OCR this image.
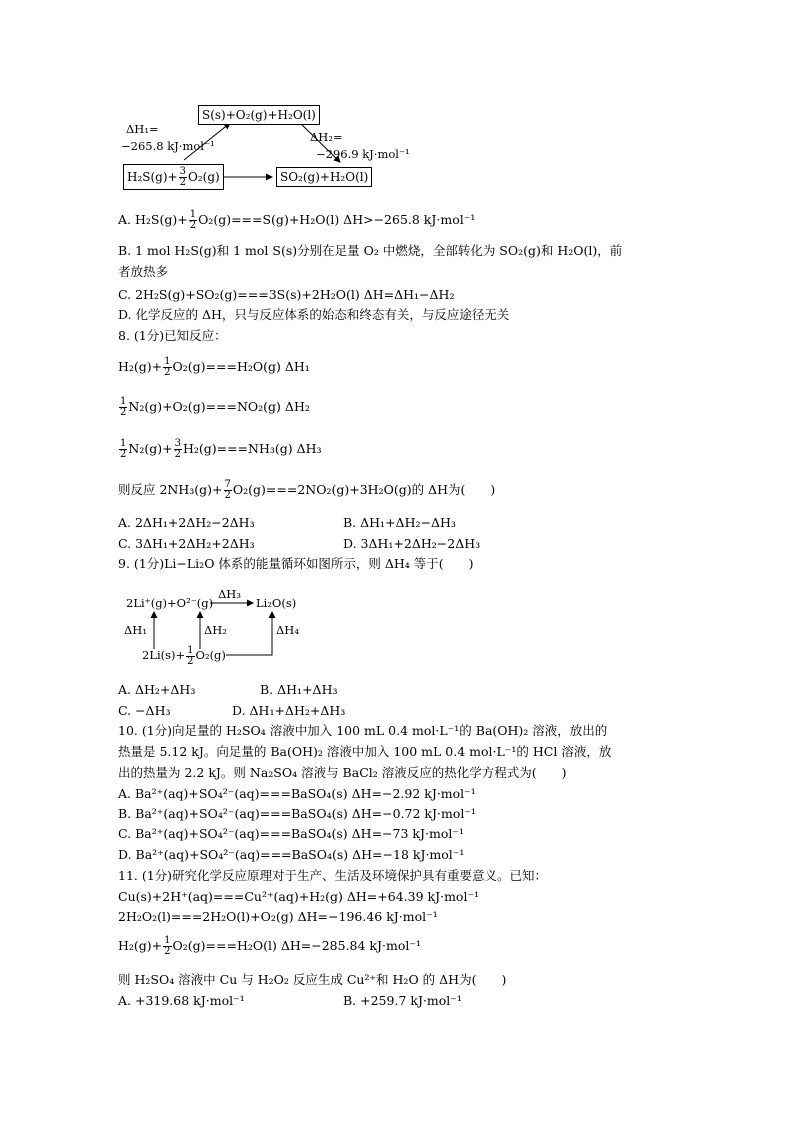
S(s)+O₂(g)+H₂O(l)
$H_2S(g)+ \frac{3}{2} O_2(g)$	SO₂(g)+H₂O(l)
ΔH₁=
−265.8 kJ·mol⁻¹
ΔH₂=
−296.9 kJ·mol⁻¹
A. $H_2S(g)+ \frac{1}{2} O_2(g)===S(g)+H_2O(l)$ ΔH>−265.8 kJ·mol⁻¹
B. 1 mol H₂S(g)和 1 mol S(s)分别在足量 O₂ 中燃烧，全部转化为 SO₂(g)和 H₂O(l)，前
者放热多
C. 2H₂S(g)+SO₂(g)===3S(s)+2H₂O(l) ΔH=ΔH₁−ΔH₂
D. 化学反应的 ΔH，只与反应体系的始态和终态有关，与反应途径无关
8. (1分)已知反应：
$H_2(g)+ \frac{1}{2} O_2(g)===H_2O(g)$ ΔH₁
$\frac{1}{2} N_2(g)+O_2(g)===NO_2(g)$ ΔH₂
$\frac{1}{2} N_2(g)+ \frac{3}{2} H_2(g)===NH_3(g)$ ΔH₃
则反应 $2NH_3(g)+ \frac{7}{2} O_2(g)===2NO_2(g)+3H_2O(g)$的 ΔH为(　　)
A. 2ΔH₁+2ΔH₂−2ΔH₃	B. ΔH₁+ΔH₂−ΔH₃
C. 3ΔH₁+2ΔH₂+2ΔH₃	D. 3ΔH₁+2ΔH₂−2ΔH₃
9. (1分)Li−Li₂O 体系的能量循环如图所示，则 ΔH₄ 等于(　　)
2Li⁺(g)+O²⁻(g)	Li₂O(s)
ΔH₃
ΔH₁	ΔH₂	ΔH₄
$2Li(s)+ \frac{1}{2} O_2(g)$
A. ΔH₂+ΔH₃	B. ΔH₁+ΔH₃
C. −ΔH₃	D. ΔH₁+ΔH₂+ΔH₃
10. (1分)向足量的 H₂SO₄ 溶液中加入 100 mL 0.4 mol·L⁻¹的 Ba(OH)₂ 溶液，放出的
热量是 5.12 kJ。向足量的 Ba(OH)₂ 溶液中加入 100 mL 0.4 mol·L⁻¹的 HCl 溶液，放
出的热量为 2.2 kJ。则 Na₂SO₄ 溶液与 BaCl₂ 溶液反应的热化学方程式为(　　)
A. Ba²⁺(aq)+SO₄²⁻(aq)===BaSO₄(s) ΔH=−2.92 kJ·mol⁻¹
B. Ba²⁺(aq)+SO₄²⁻(aq)===BaSO₄(s) ΔH=−0.72 kJ·mol⁻¹
C. Ba²⁺(aq)+SO₄²⁻(aq)===BaSO₄(s) ΔH=−73 kJ·mol⁻¹
D. Ba²⁺(aq)+SO₄²⁻(aq)===BaSO₄(s) ΔH=−18 kJ·mol⁻¹
11. (1分)研究化学反应原理对于生产、生活及环境保护具有重要意义。已知：
Cu(s)+2H⁺(aq)===Cu²⁺(aq)+H₂(g) ΔH=+64.39 kJ·mol⁻¹
2H₂O₂(l)===2H₂O(l)+O₂(g) ΔH=−196.46 kJ·mol⁻¹
$H_2(g)+ \frac{1}{2} O_2(g)===H_2O(l)$ ΔH=−285.84 kJ·mol⁻¹
则 H₂SO₄ 溶液中 Cu 与 H₂O₂ 反应生成 Cu²⁺和 H₂O 的 ΔH为(　　)
A. +319.68 kJ·mol⁻¹	B. +259.7 kJ·mol⁻¹
